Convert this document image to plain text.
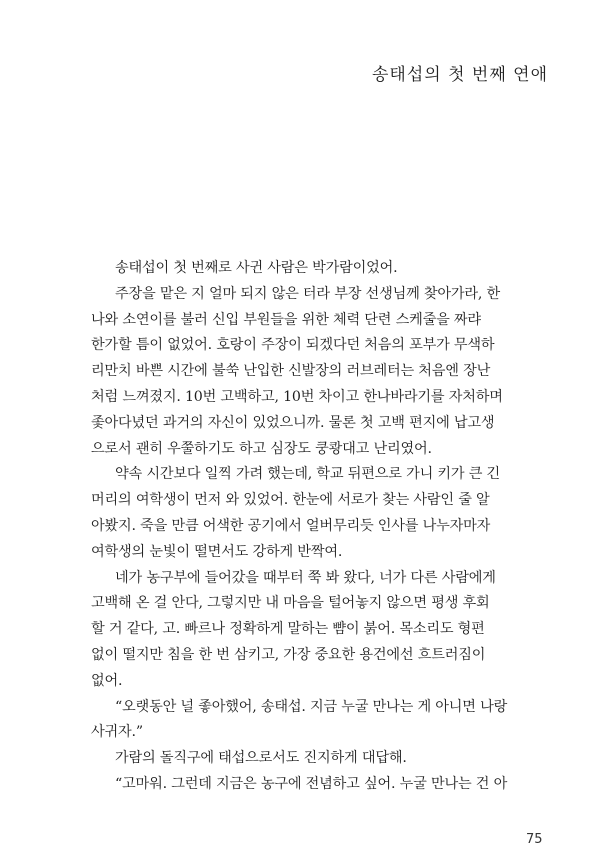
송태섭의 첫 번째 연애
송태섭이 첫 번째로 사귄 사람은 박가람이었어.
주장을 맡은 지 얼마 되지 않은 터라 부장 선생님께 찾아가라, 한
나와 소연이를 불러 신입 부원들을 위한 체력 단련 스케줄을 짜랴
한가할 틈이 없었어. 호랑이 주장이 되겠다던 처음의 포부가 무색하
리만치 바쁜 시간에 불쑥 난입한 신발장의 러브레터는 처음엔 장난
처럼 느껴졌지. 10번 고백하고, 10번 차이고 한나바라기를 자처하며
좇아다녔던 과거의 자신이 있었으니까. 물론 첫 고백 편지에 납고생
으로서 괜히 우쭐하기도 하고 심장도 쿵쾅대고 난리였어.
약속 시간보다 일찍 가려 했는데, 학교 뒤편으로 가니 키가 큰 긴
머리의 여학생이 먼저 와 있었어. 한눈에 서로가 찾는 사람인 줄 알
아봤지. 죽을 만큼 어색한 공기에서 얼버무리듯 인사를 나누자마자
여학생의 눈빛이 떨면서도 강하게 반짝여.
네가 농구부에 들어갔을 때부터 쭉 봐 왔다, 너가 다른 사람에게
고백해 온 걸 안다, 그렇지만 내 마음을 털어놓지 않으면 평생 후회
할 거 같다, 고. 빠르나 정확하게 말하는 뺨이 붉어. 목소리도 형편
없이 떨지만 침을 한 번 삼키고, 가장 중요한 용건에선 흐트러짐이
없어.
“오랫동안 널 좋아했어, 송태섭. 지금 누굴 만나는 게 아니면 나랑
사귀자.”
가람의 돌직구에 태섭으로서도 진지하게 대답해.
“고마워. 그런데 지금은 농구에 전념하고 싶어. 누굴 만나는 건 아
75
